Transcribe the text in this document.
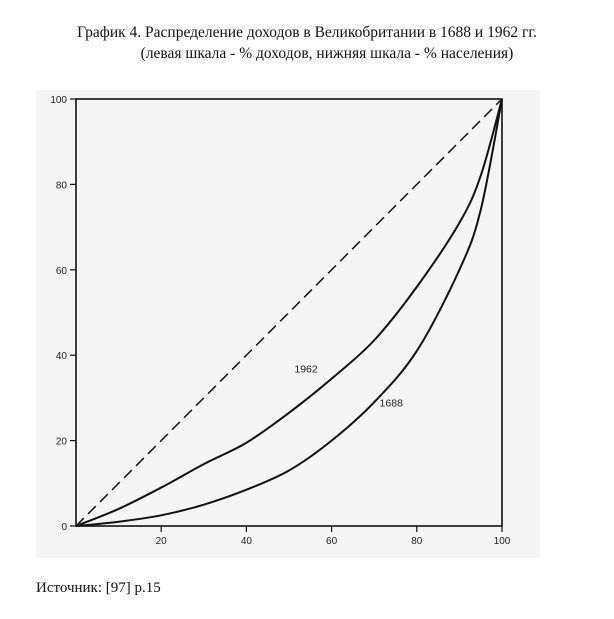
График 4. Распределение доходов в Великобритании в 1688 и 1962 гг.
(левая шкала - % доходов, нижняя шкала - % населения)
0
20
40
60
80
100
20	40	60	80	100
1962
1688
Источник: [97] p.15
